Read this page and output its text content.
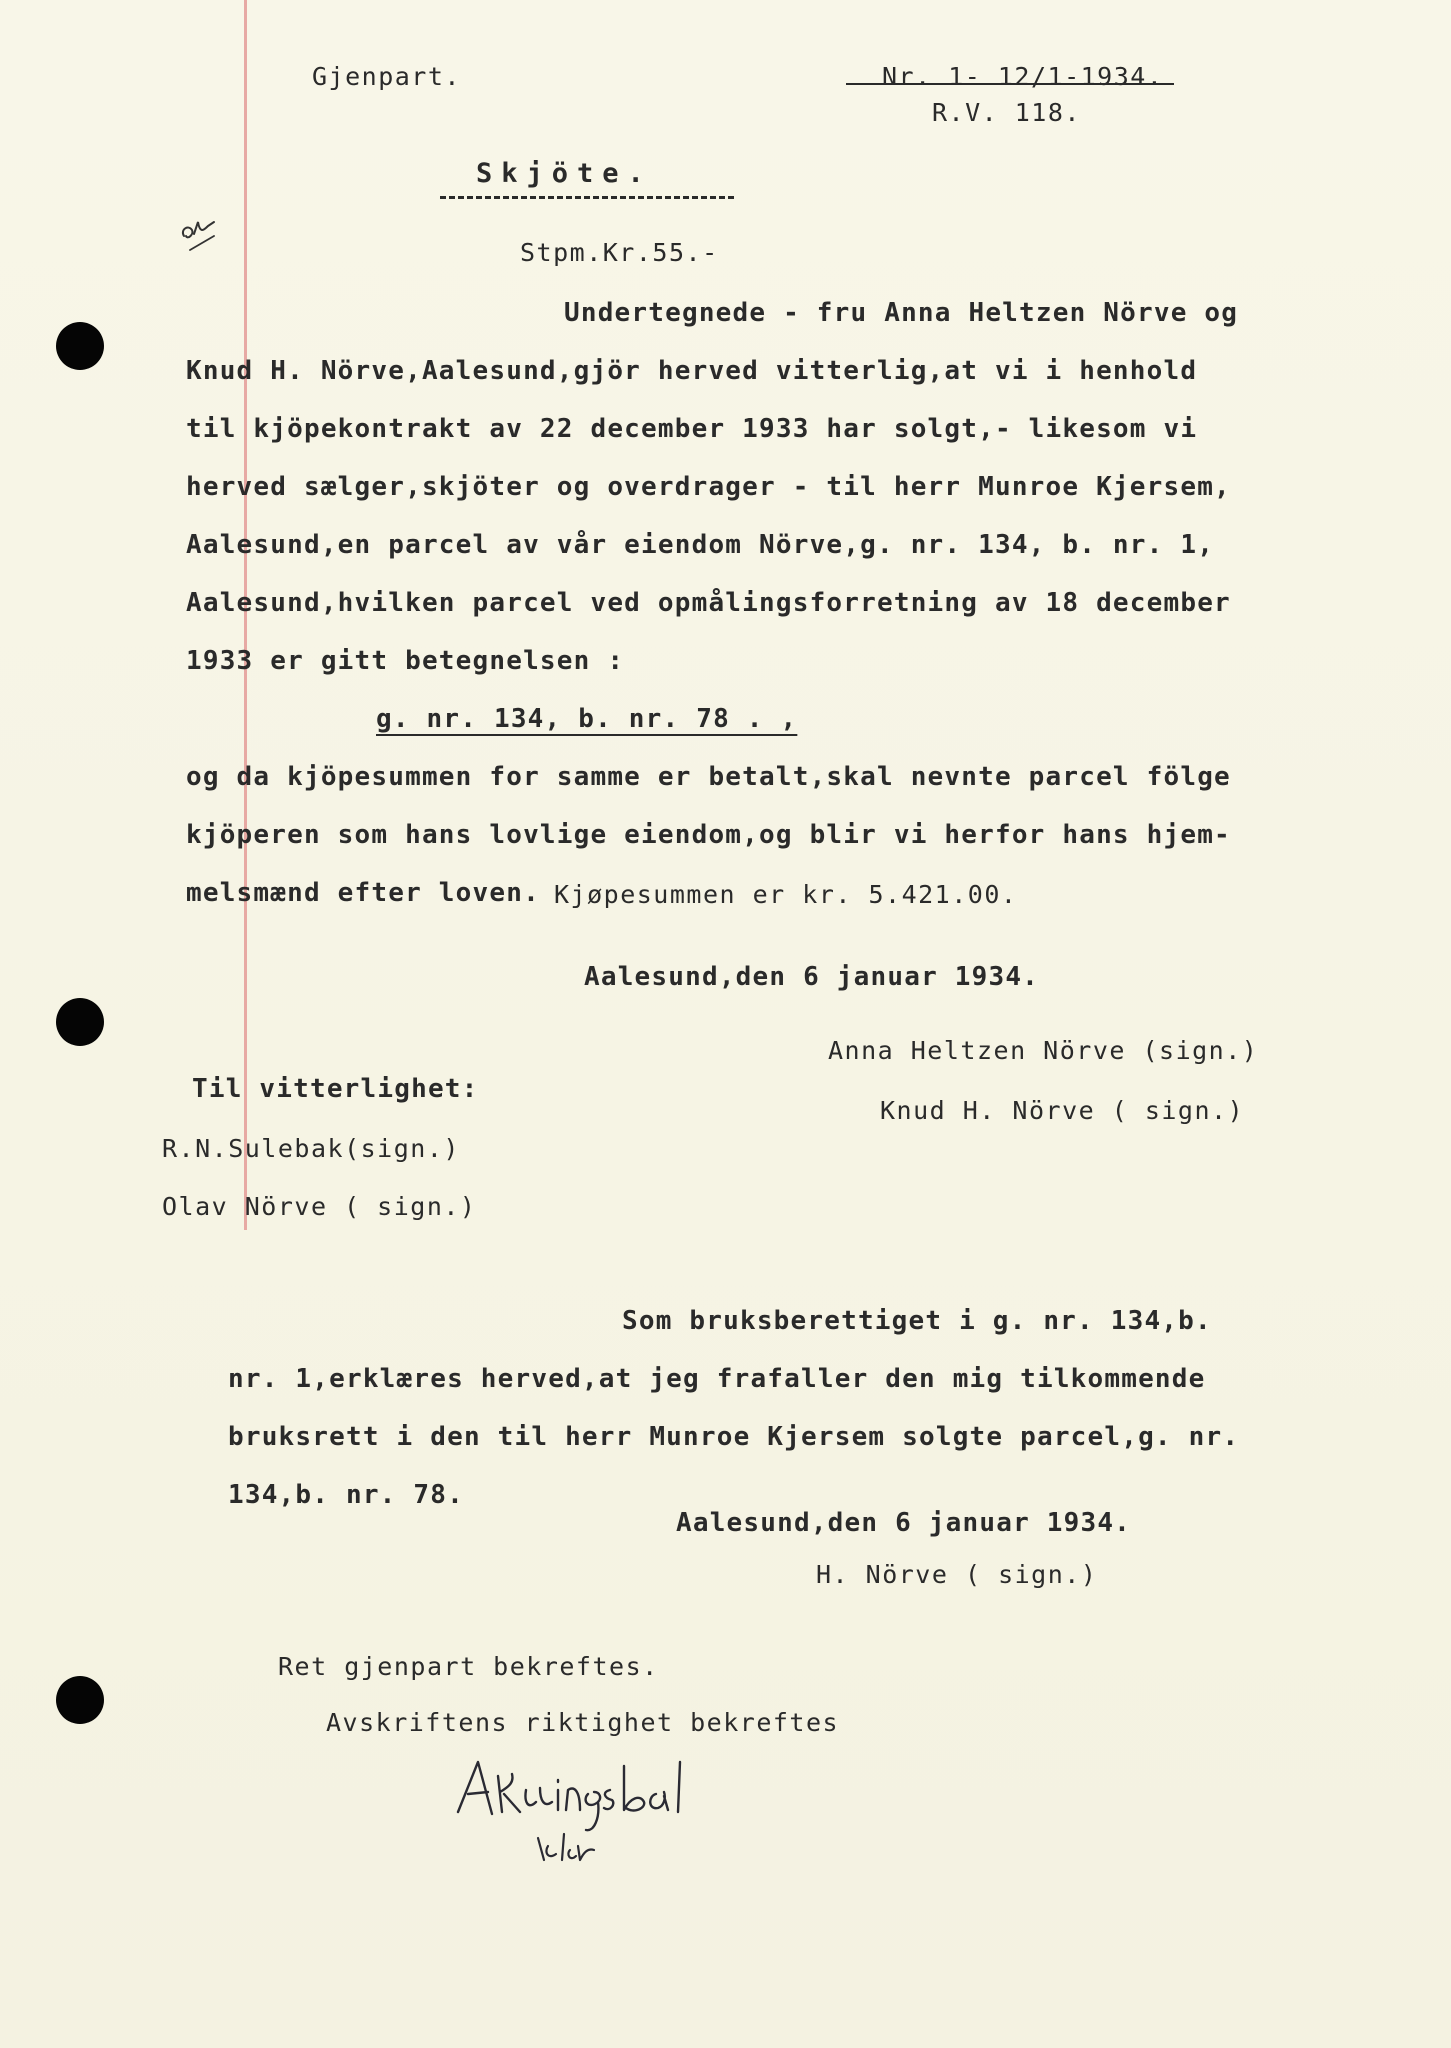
Gjenpart.	Nr. 1- 12/1-1934.
R.V. 118.
Skjöte.
Stpm.Kr.55.-
Undertegnede - fru Anna Heltzen Nörve og
Knud H. Nörve,Aalesund,gjör herved vitterlig,at vi i henhold
til kjöpekontrakt av 22 december 1933 har solgt,- likesom vi
herved sælger,skjöter og overdrager - til herr Munroe Kjersem,
Aalesund,en parcel av vår eiendom Nörve,g. nr. 134, b. nr. 1,
Aalesund,hvilken parcel ved opmålingsforretning av 18 december
1933 er gitt betegnelsen :
g. nr. 134, b. nr. 78 . ,
og da kjöpesummen for samme er betalt,skal nevnte parcel fölge
kjöperen som hans lovlige eiendom,og blir vi herfor hans hjem-
melsmænd efter loven. Kjøpesummen er kr. 5.421.00.
Aalesund,den 6 januar 1934.
Anna Heltzen Nörve (sign.)
Knud H. Nörve ( sign.)
Til vitterlighet:
R.N.Sulebak(sign.)
Olav Nörve ( sign.)
Som bruksberettiget i g. nr. 134,b.
nr. 1,erklæres herved,at jeg frafaller den mig tilkommende
bruksrett i den til herr Munroe Kjersem solgte parcel,g. nr.
134,b. nr. 78.
Aalesund,den 6 januar 1934.
H. Nörve ( sign.)
Ret gjenpart bekreftes.
Avskriftens riktighet bekreftes
